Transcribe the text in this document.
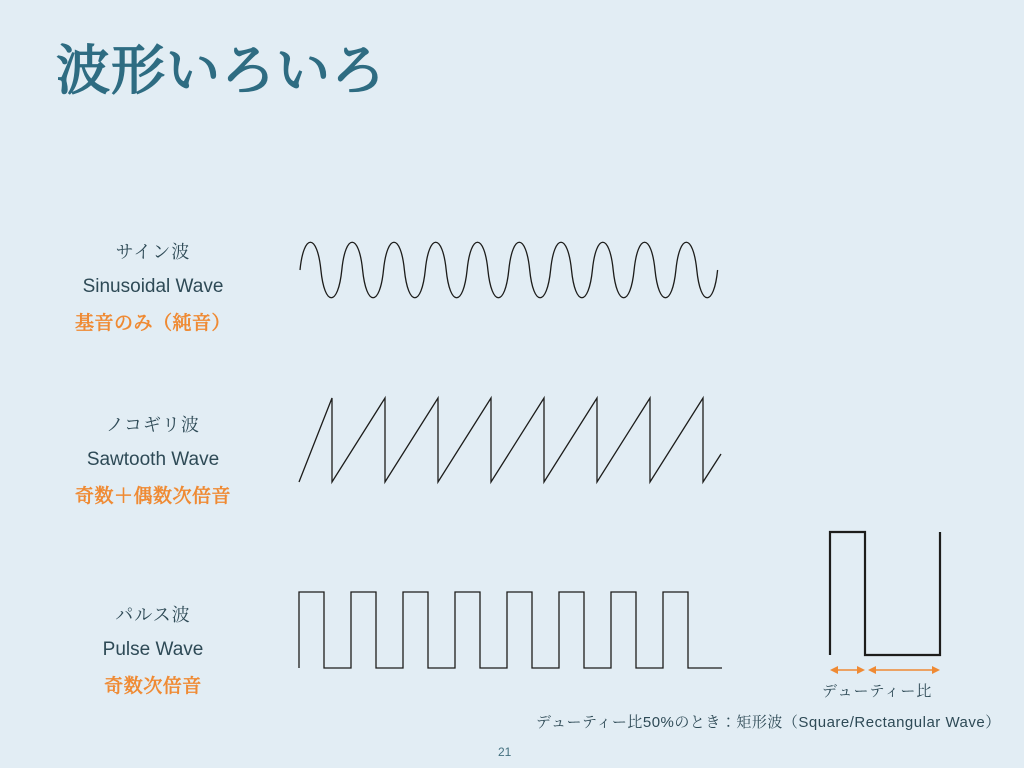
波形いろいろ
サイン波
Sinusoidal Wave
基音のみ（純音）
ノコギリ波
Sawtooth Wave
奇数＋偶数次倍音
パルス波
Pulse Wave
奇数次倍音	デューティー比
デューティー比50%のとき：矩形波（Square/Rectangular Wave）
21
